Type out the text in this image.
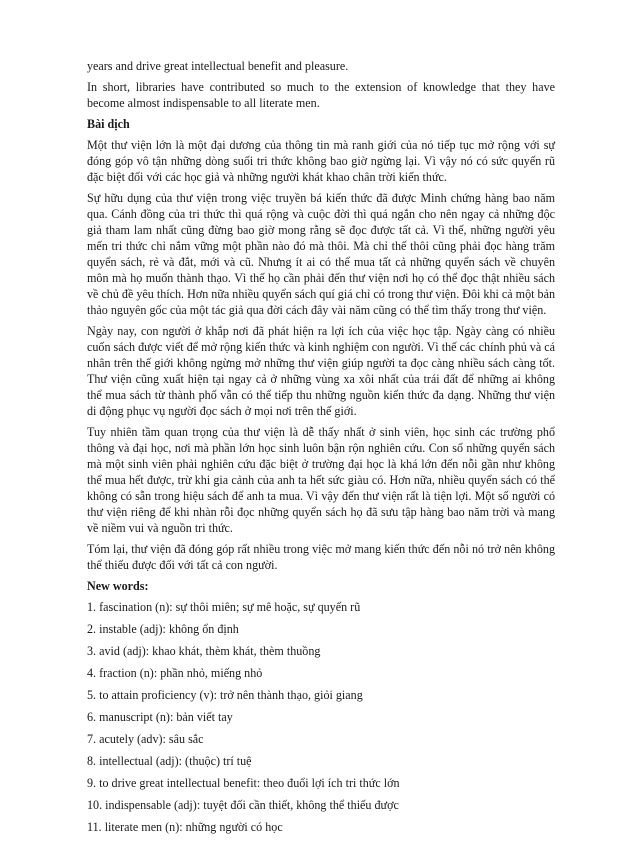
years and drive great intellectual benefit and pleasure.

In short, libraries have contributed so much to the extension of knowledge that they have become almost indispensable to all literate men.

Bài dịch

Một thư viện lớn là một đại dương của thông tin mà ranh giới của nó tiếp tục mở rộng với sự đóng góp vô tận những dòng suối tri thức không bao giờ ngừng lại. Vì vậy nó có sức quyến rũ đặc biệt đối với các học giả và những người khát khao chân trời kiến thức.

Sự hữu dụng của thư viện trong việc truyền bá kiến thức đã được Minh chứng hàng bao năm qua. Cánh đồng của tri thức thì quá rộng và cuộc đời thì quá ngắn cho nên ngay cả những độc giả tham lam nhất cũng đừng bao giờ mong rằng sẽ đọc được tất cả. Vì thế, những người yêu mến tri thức chỉ nắm vững một phần nào đó mà thôi. Mà chỉ thế thôi cũng phải đọc hàng trăm quyển sách, rẻ và đắt, mới và cũ. Nhưng ít ai có thể mua tất cả những quyển sách về chuyên môn mà họ muốn thành thạo. Vì thế họ cần phải đến thư viện nơi họ có thể đọc thật nhiều sách về chủ đề yêu thích. Hơn nữa nhiều quyển sách quí giá chỉ có trong thư viện. Đôi khi cả một bản thảo nguyên gốc của một tác giả qua đời cách đây vài năm cũng có thể tìm thấy trong thư viện.

Ngày nay, con người ở khắp nơi đã phát hiện ra lợi ích của việc học tập. Ngày càng có nhiều cuốn sách được viết để mở rộng kiến thức và kinh nghiệm con người. Vì thế các chính phủ và cá nhân trên thế giới không ngừng mở những thư viện giúp người ta đọc càng nhiều sách càng tốt. Thư viện cũng xuất hiện tại ngay cả ở những vùng xa xôi nhất của trái đất để những ai không thể mua sách từ thành phố vẫn có thể tiếp thu những nguồn kiến thức đa dạng. Những thư viện di động phục vụ người đọc sách ở mọi nơi trên thế giới.

Tuy nhiên tầm quan trọng của thư viện là dễ thấy nhất ở sinh viên, học sinh các trường phổ thông và đại học, nơi mà phần lớn học sinh luôn bận rộn nghiên cứu. Con số những quyển sách mà một sinh viên phải nghiên cứu đặc biệt ở trường đại học là khá lớn đến nỗi gần như không thể mua hết được, trừ khi gia cảnh của anh ta hết sức giàu có. Hơn nữa, nhiều quyển sách có thể không có sẵn trong hiệu sách để anh ta mua. Vì vậy đến thư viện rất là tiện lợi. Một số người có thư viện riêng để khi nhàn rỗi đọc những quyển sách họ đã sưu tập hàng bao năm trời và mang về niềm vui và nguồn tri thức.

Tóm lại, thư viện đã đóng góp rất nhiều trong việc mở mang kiến thức đến nỗi nó trở nên không thể thiếu được đối với tất cả con người.

New words:

1. fascination (n): sự thôi miên; sự mê hoặc, sự quyến rũ
2. instable (adj): không ổn định
3. avid (adj): khao khát, thèm khát, thèm thuồng
4. fraction (n): phần nhỏ, miếng nhỏ
5. to attain proficiency (v): trở nên thành thạo, giỏi giang
6. manuscript (n): bản viết tay
7. acutely (adv): sâu sắc
8. intellectual (adj): (thuộc) trí tuệ
9. to drive great intellectual benefit: theo đuổi lợi ích tri thức lớn
10. indispensable (adj): tuyệt đối cần thiết, không thể thiếu được
11. literate men (n): những người có học
